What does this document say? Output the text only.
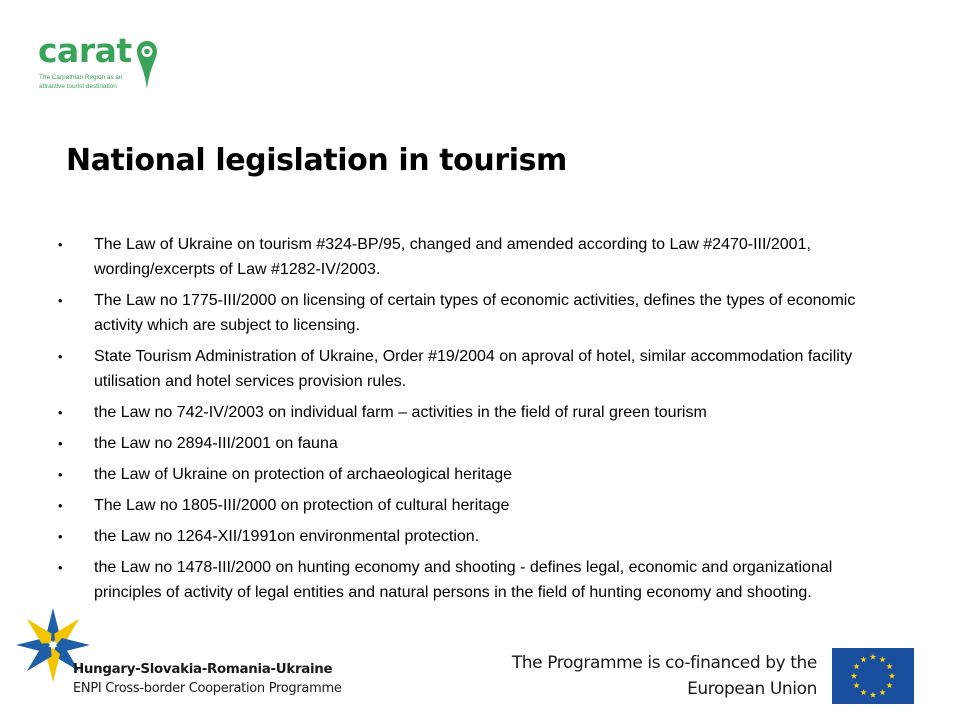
carat
The Carpathian Region as an
attractive tourist destination
National legislation in tourism
•	The Law of Ukraine on tourism #324-BP/95, changed and amended according to Law #2470-III/2001, wording/excerpts of Law #1282-IV/2003.
•	The Law no 1775-III/2000 on licensing of certain types of economic activities, defines the types of economic activity which are subject to licensing.
•	State Tourism Administration of Ukraine, Order #19/2004 on aproval of hotel, similar accommodation facility utilisation and hotel services provision rules.
•	the Law no 742-IV/2003 on individual farm – activities in the field of rural green tourism
•	the Law no 2894-III/2001 on fauna
•	the Law of Ukraine on protection of archaeological heritage
•	The Law no 1805-III/2000 on protection of cultural heritage
•	the Law no 1264-XII/1991on environmental protection.
•	the Law no 1478-III/2000 on hunting economy and shooting - defines legal, economic and organizational principles of activity of legal entities and natural persons in the field of hunting economy and shooting.
Hungary-Slovakia-Romania-Ukraine
ENPI Cross-border Cooperation Programme
The Programme is co-financed by the
European Union
